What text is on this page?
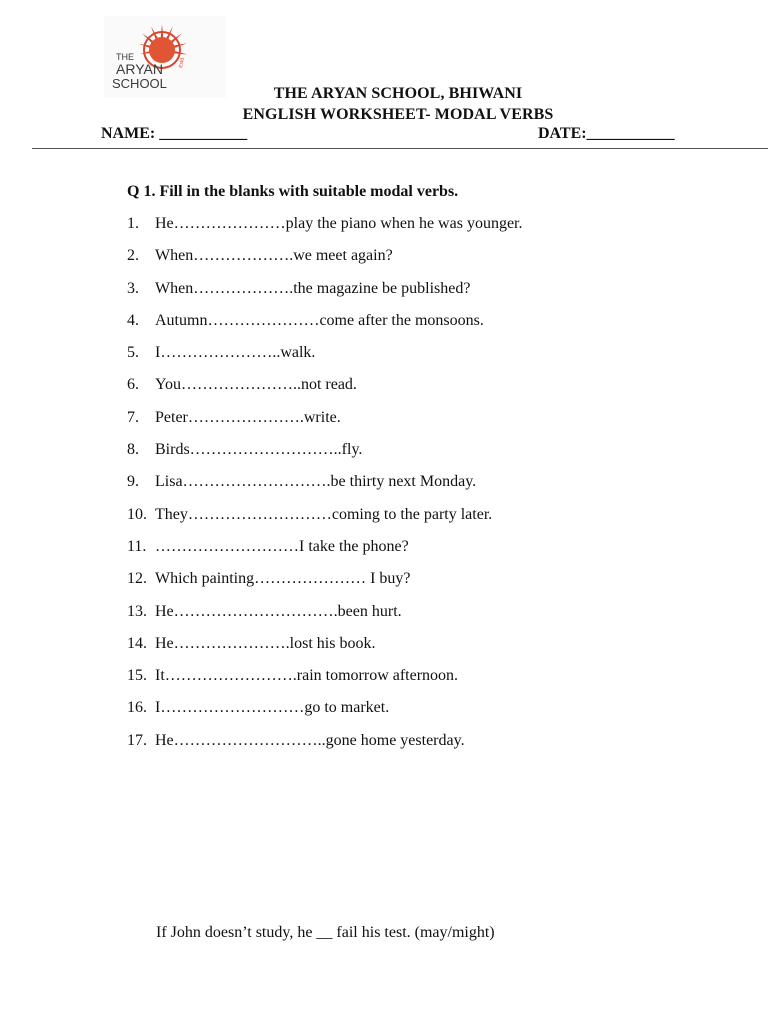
THE
ARYAN
SCHOOL
Estd.
THE ARYAN SCHOOL, BHIWANI
ENGLISH WORKSHEET- MODAL VERBS
NAME: ___________	DATE:___________
Q 1. Fill in the blanks with suitable modal verbs.
1. He…………………play the piano when he was younger.
2. When……………….we meet again?
3. When……………….the magazine be published?
4. Autumn…………………come after the monsoons.
5. I…………………..walk.
6. You…………………..not read.
7. Peter………………….write.
8. Birds………………………..fly.
9. Lisa……………………….be thirty next Monday.
10. They………………………coming to the party later.
11. ………………………I take the phone?
12. Which painting………………… I buy?
13. He………………………….been hurt.
14. He………………….lost his book.
15. It…………………….rain tomorrow afternoon.
16. I………………………go to market.
17. He………………………..gone home yesterday.
If John doesn’t study, he __ fail his test. (may/might)
